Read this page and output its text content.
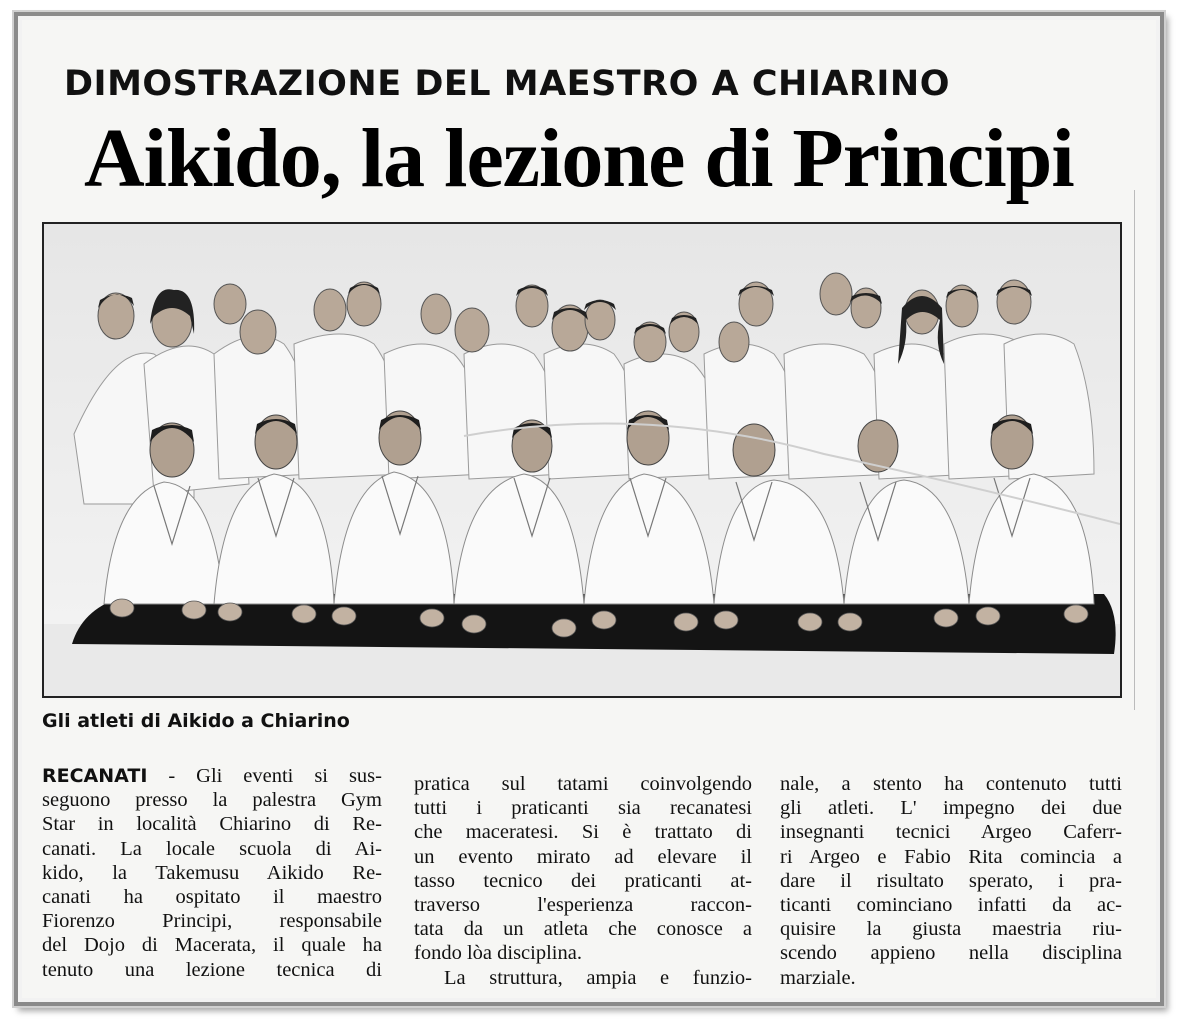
DIMOSTRAZIONE DEL MAESTRO A CHIARINO
Aikido, la lezione di Principi
Gli atleti di Aikido a Chiarino
RECANATI - Gli eventi si sus-
seguono presso la palestra Gym
Star in località Chiarino di Re-
canati. La locale scuola di Ai-
kido, la Takemusu Aikido Re-
canati ha ospitato il maestro
Fiorenzo Principi, responsabile
del Dojo di Macerata, il quale ha
tenuto una lezione tecnica di
pratica sul tatami coinvolgendo
tutti i praticanti sia recanatesi
che maceratesi. Si è trattato di
un evento mirato ad elevare il
tasso tecnico dei praticanti at-
traverso l'esperienza raccon-
tata da un atleta che conosce a
fondo lòa disciplina.
La struttura, ampia e funzio-
nale, a stento ha contenuto tutti
gli atleti. L' impegno dei due
insegnanti tecnici Argeo Caferr-
ri Argeo e Fabio Rita comincia a
dare il risultato sperato, i pra-
ticanti cominciano infatti da ac-
quisire la giusta maestria riu-
scendo appieno nella disciplina
marziale.
